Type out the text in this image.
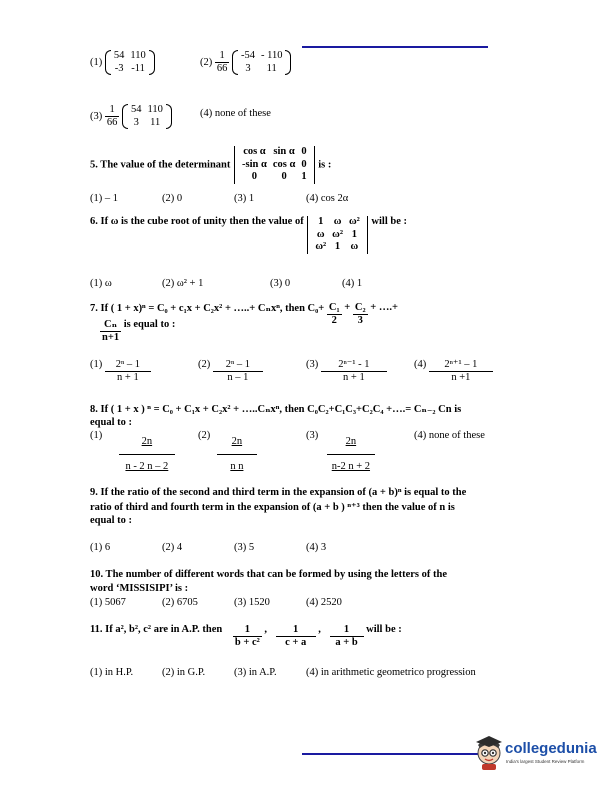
(1)
54	110
-3	-11
$(2) \frac{1}{66}$
-54	- 110
3	11
$(3) \frac{1}{66}$
54	110
3	11
(4) none of these
5. The value of the determinant
cos α	sin α	0
-sin α	cos α	0
0	0	1
is :
(1) – 1	(2) 0	(3) 1	(4) cos 2α
6. If ω is the cube root of unity then the value of 1	ω	ω²
ω	ω²	1
ω²	1	ω
will be :
(1) ω	(2) ω² + 1	(3) 0	(4) 1
7. If ( 1 + x)ⁿ = C₀ + c₁x + C₂x² + …..+ Cₙxⁿ, then $C_0+ \frac{\text{C₁}}{2} + \frac{\text{C₂}}{3}$ + ….+
$\frac{\text{Cₙ}}{n+1}$ is equal to :
$(1) \frac{\text{2ⁿ – 1}}{n + 1}$	$(2) \frac{\text{2ⁿ – 1}}{n - 1}$	$(3) \frac{\text{2ⁿ⁻¹ - 1}}{n + 1}$	$(4) \frac{\text{2ⁿ⁺¹ – 1}}{n +1}$
8. If ( 1 + x ) ⁿ = C₀ + C₁x + C₂x² + …..Cₙxⁿ, then C₀C₂+C₁C₃+C₂C₄ +….= Cₙ₋₂ Cn is
equal to :
$(1) \frac{2n}{n - 2 n - 2} (2) \frac{2n}{\text{n n}}$	$(3) \frac{2n}{n-2 n + 2}$	(4) none of these
9. If the ratio of the second and third term in the expansion of (a + b)ⁿ is equal to the
ratio of third and fourth term in the expansion of (a + b ) ⁿ⁺³ then the value of n is
equal to :
(1) 6	(2) 4	(3) 5	(4) 3
10. The number of different words that can be formed by using the letters of the
word ‘MISSISIPI’ is :
(1) 5067	(2) 6705	(3) 1520	(4) 2520
11. If a², b², c² are in A.P. then $\frac{1}{\text{b + c²}}$ , $\frac{1}{c + a}$ , $\frac{1}{a + b}$ will be :
(1) in H.P.	(2) in G.P.	(3) in A.P.	(4) in arithmetic geometrico progression
collegedunia
India's largest Student Review Platform
